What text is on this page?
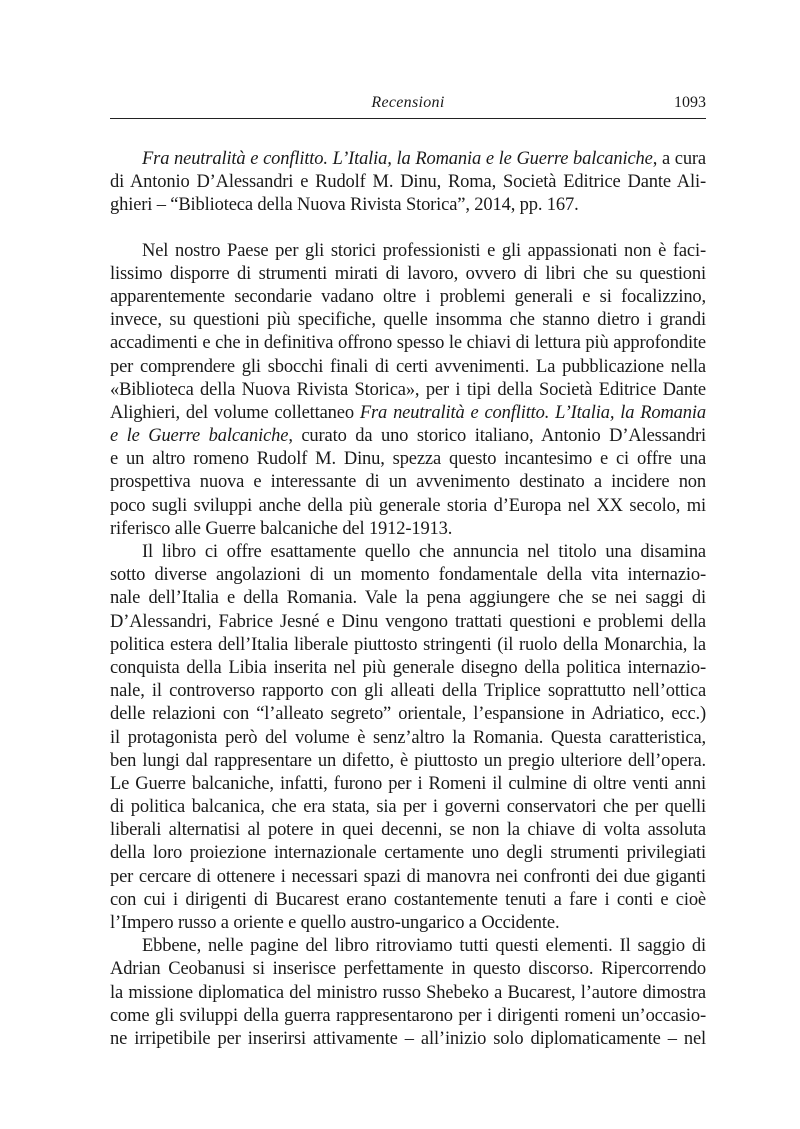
Recensioni	1093
Fra neutralità e conflitto. L’Italia, la Romania e le Guerre balcaniche, a cura
di Antonio D’Alessandri e Rudolf M. Dinu, Roma, Società Editrice Dante Ali-
ghieri – “Biblioteca della Nuova Rivista Storica”, 2014, pp. 167.
Nel nostro Paese per gli storici professionisti e gli appassionati non è faci-
lissimo disporre di strumenti mirati di lavoro, ovvero di libri che su questioni
apparentemente secondarie vadano oltre i problemi generali e si focalizzino,
invece, su questioni più specifiche, quelle insomma che stanno dietro i grandi
accadimenti e che in definitiva offrono spesso le chiavi di lettura più approfondite
per comprendere gli sbocchi finali di certi avvenimenti. La pubblicazione nella
«Biblioteca della Nuova Rivista Storica», per i tipi della Società Editrice Dante
Alighieri, del volume collettaneo Fra neutralità e conflitto. L’Italia, la Romania
e le Guerre balcaniche, curato da uno storico italiano, Antonio D’Alessandri
e un altro romeno Rudolf M. Dinu, spezza questo incantesimo e ci offre una
prospettiva nuova e interessante di un avvenimento destinato a incidere non
poco sugli sviluppi anche della più generale storia d’Europa nel XX secolo, mi
riferisco alle Guerre balcaniche del 1912-1913.
Il libro ci offre esattamente quello che annuncia nel titolo una disamina
sotto diverse angolazioni di un momento fondamentale della vita internazio-
nale dell’Italia e della Romania. Vale la pena aggiungere che se nei saggi di
D’Alessandri, Fabrice Jesné e Dinu vengono trattati questioni e problemi della
politica estera dell’Italia liberale piuttosto stringenti (il ruolo della Monarchia, la
conquista della Libia inserita nel più generale disegno della politica internazio-
nale, il controverso rapporto con gli alleati della Triplice soprattutto nell’ottica
delle relazioni con “l’alleato segreto” orientale, l’espansione in Adriatico, ecc.)
il protagonista però del volume è senz’altro la Romania. Questa caratteristica,
ben lungi dal rappresentare un difetto, è piuttosto un pregio ulteriore dell’opera.
Le Guerre balcaniche, infatti, furono per i Romeni il culmine di oltre venti anni
di politica balcanica, che era stata, sia per i governi conservatori che per quelli
liberali alternatisi al potere in quei decenni, se non la chiave di volta assoluta
della loro proiezione internazionale certamente uno degli strumenti privilegiati
per cercare di ottenere i necessari spazi di manovra nei confronti dei due giganti
con cui i dirigenti di Bucarest erano costantemente tenuti a fare i conti e cioè
l’Impero russo a oriente e quello austro-ungarico a Occidente.
Ebbene, nelle pagine del libro ritroviamo tutti questi elementi. Il saggio di
Adrian Ceobanusi si inserisce perfettamente in questo discorso. Ripercorrendo
la missione diplomatica del ministro russo Shebeko a Bucarest, l’autore dimostra
come gli sviluppi della guerra rappresentarono per i dirigenti romeni un’occasio-
ne irripetibile per inserirsi attivamente – all’inizio solo diplomaticamente – nel
